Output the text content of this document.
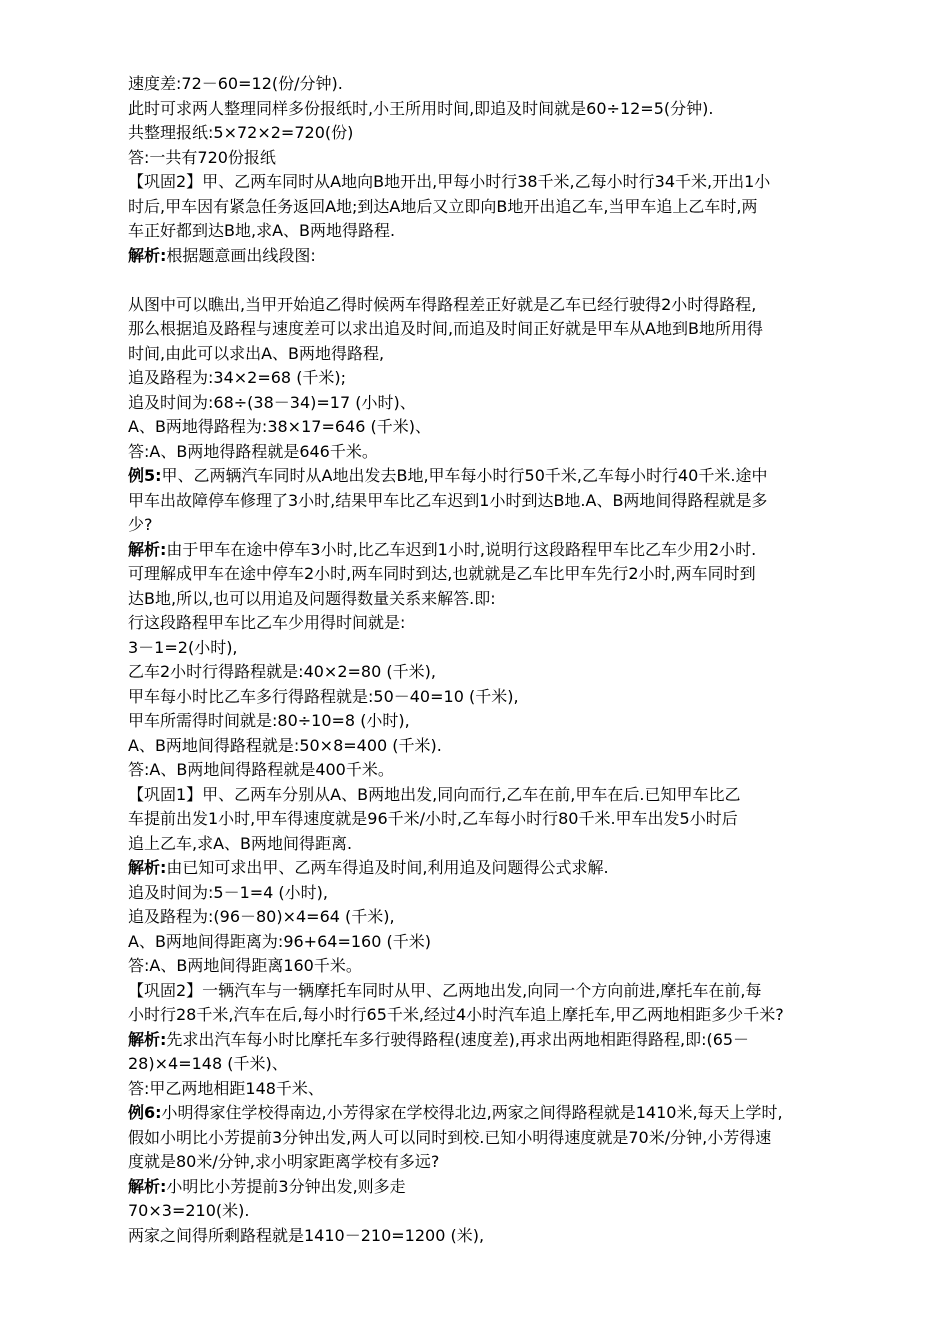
速度差:72－60=12(份/分钟).
此时可求两人整理同样多份报纸时,小王所用时间,即追及时间就是60÷12=5(分钟).
共整理报纸:5×72×2=720(份)
答:一共有720份报纸
【巩固2】甲、乙两车同时从A地向B地开出,甲每小时行38千米,乙每小时行34千米,开出1小
时后,甲车因有紧急任务返回A地;到达A地后又立即向B地开出追乙车,当甲车追上乙车时,两
车正好都到达B地,求A、B两地得路程.
解析:根据题意画出线段图:
从图中可以瞧出,当甲开始追乙得时候两车得路程差正好就是乙车已经行驶得2小时得路程,
那么根据追及路程与速度差可以求出追及时间,而追及时间正好就是甲车从A地到B地所用得
时间,由此可以求出A、B两地得路程,
追及路程为:34×2=68 (千米);
追及时间为:68÷(38－34)=17 (小时)、
A、B两地得路程为:38×17=646 (千米)、
答:A、B两地得路程就是646千米。
例5:甲、乙两辆汽车同时从A地出发去B地,甲车每小时行50千米,乙车每小时行40千米.途中
甲车出故障停车修理了3小时,结果甲车比乙车迟到1小时到达B地.A、B两地间得路程就是多
少?
解析:由于甲车在途中停车3小时,比乙车迟到1小时,说明行这段路程甲车比乙车少用2小时.
可理解成甲车在途中停车2小时,两车同时到达,也就就是乙车比甲车先行2小时,两车同时到
达B地,所以,也可以用追及问题得数量关系来解答.即:
行这段路程甲车比乙车少用得时间就是:
3－1=2(小时),
乙车2小时行得路程就是:40×2=80 (千米),
甲车每小时比乙车多行得路程就是:50－40=10 (千米),
甲车所需得时间就是:80÷10=8 (小时),
A、B两地间得路程就是:50×8=400 (千米).
答:A、B两地间得路程就是400千米。
【巩固1】甲、乙两车分别从A、B两地出发,同向而行,乙车在前,甲车在后.已知甲车比乙
车提前出发1小时,甲车得速度就是96千米/小时,乙车每小时行80千米.甲车出发5小时后
追上乙车,求A、B两地间得距离.
解析:由已知可求出甲、乙两车得追及时间,利用追及问题得公式求解.
追及时间为:5－1=4 (小时),
追及路程为:(96－80)×4=64 (千米),
A、B两地间得距离为:96+64=160 (千米)
答:A、B两地间得距离160千米。
【巩固2】一辆汽车与一辆摩托车同时从甲、乙两地出发,向同一个方向前进,摩托车在前,每
小时行28千米,汽车在后,每小时行65千米,经过4小时汽车追上摩托车,甲乙两地相距多少千米?
解析:先求出汽车每小时比摩托车多行驶得路程(速度差),再求出两地相距得路程,即:(65－
28)×4=148 (千米)、
答:甲乙两地相距148千米、
例6:小明得家住学校得南边,小芳得家在学校得北边,两家之间得路程就是1410米,每天上学时,
假如小明比小芳提前3分钟出发,两人可以同时到校.已知小明得速度就是70米/分钟,小芳得速
度就是80米/分钟,求小明家距离学校有多远?
解析:小明比小芳提前3分钟出发,则多走
70×3=210(米).
两家之间得所剩路程就是1410－210=1200 (米),
